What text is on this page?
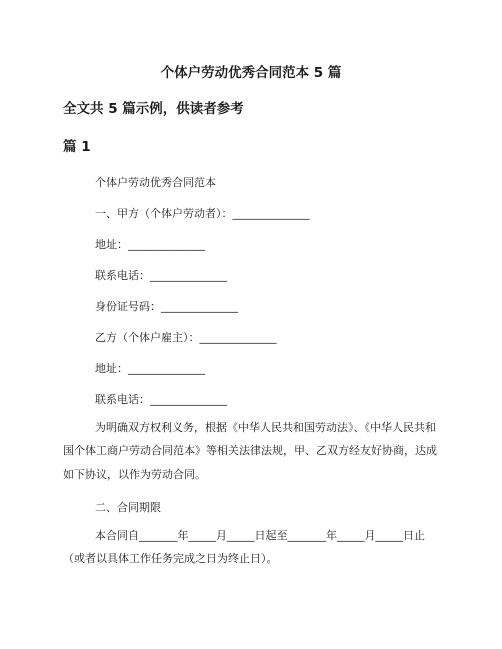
个体户劳动优秀合同范本 5 篇
全文共 5 篇示例，供读者参考
篇 1
个体户劳动优秀合同范本
一、甲方（个体户劳动者）：______________
地址：______________
联系电话：______________
身份证号码：______________
乙方（个体户雇主）：______________
地址：______________
联系电话：______________
为明确双方权利义务，根据《中华人民共和国劳动法》、《中华人民共和国个体工商户劳动合同范本》等相关法律法规，甲、乙双方经友好协商，达成如下协议，以作为劳动合同。
二、合同期限
本合同自_______年_____月_____日起至_______年_____月_____日止（或者以具体工作任务完成之日为终止日）。
